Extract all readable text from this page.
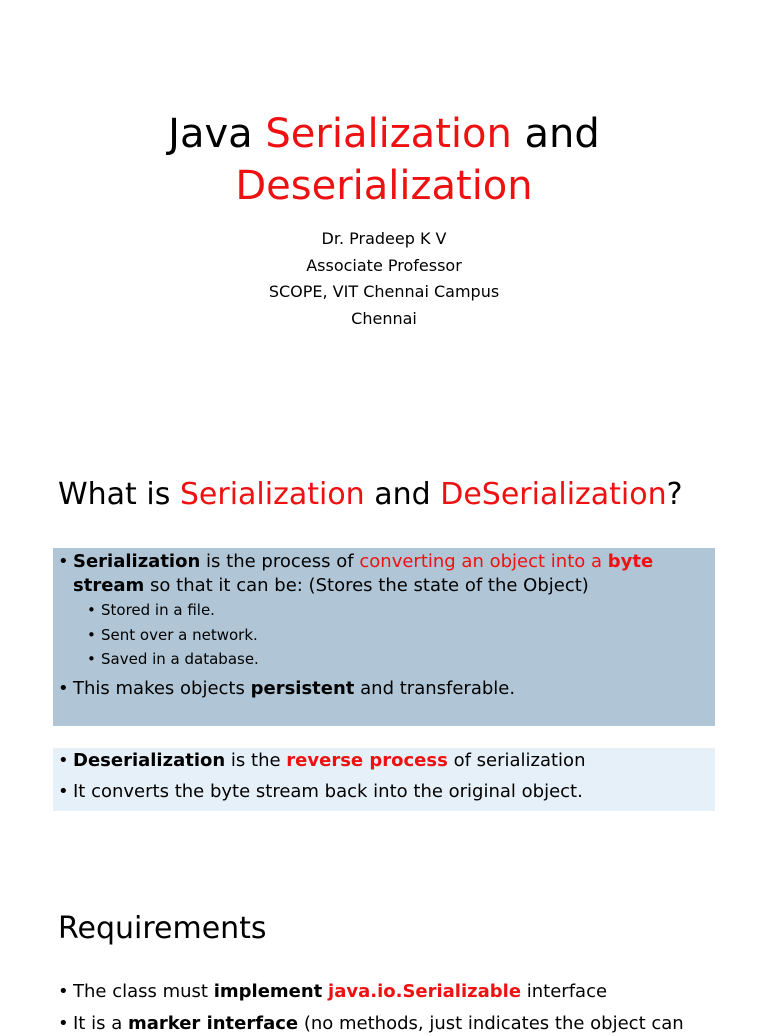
Java Serialization and
Deserialization
Dr. Pradeep K V
Associate Professor
SCOPE, VIT Chennai Campus
Chennai
What is Serialization and DeSerialization?
• Serialization is the process of converting an object into a byte
stream so that it can be: (Stores the state of the Object)
• Stored in a file.
• Sent over a network.
• Saved in a database.
• This makes objects persistent and transferable.
• Deserialization is the reverse process of serialization
• It converts the byte stream back into the original object.
Requirements
• The class must implement java.io.Serializable interface
• It is a marker interface (no methods, just indicates the object can
